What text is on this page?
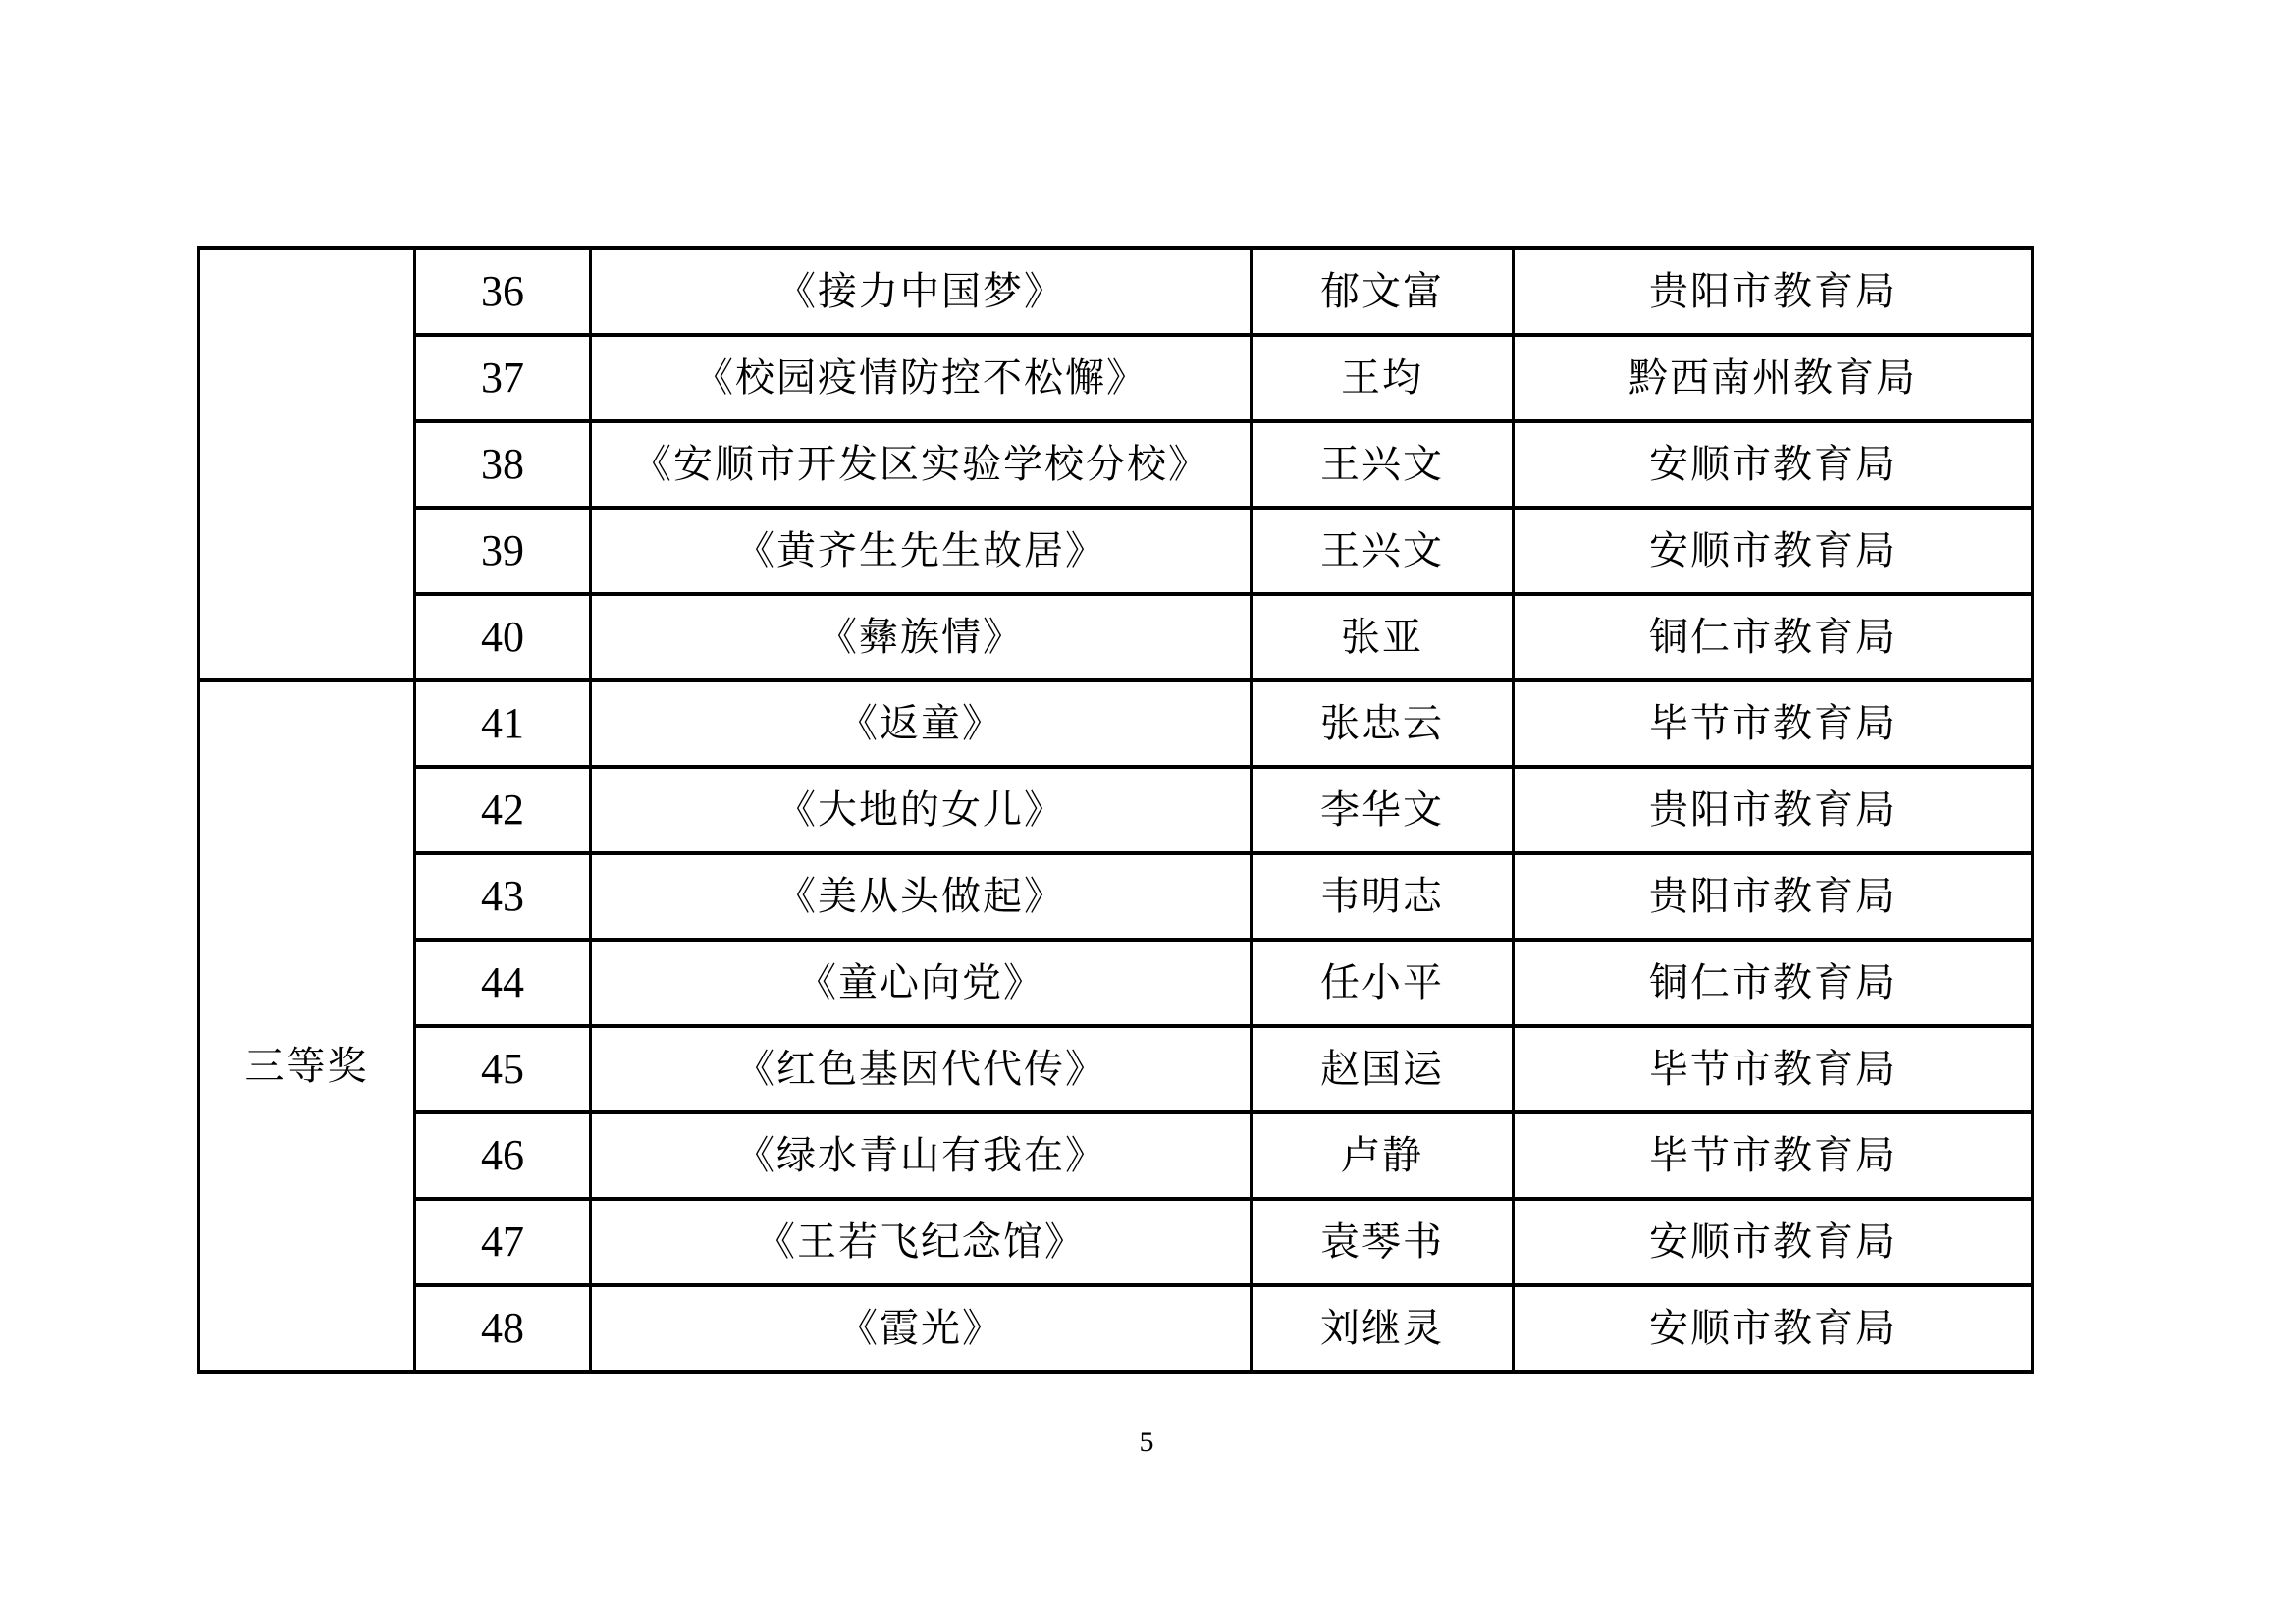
	36	《接力中国梦》	郁文富	贵阳市教育局
	37	《校园疫情防控不松懈》	王均	黔西南州教育局
	38	《安顺市开发区实验学校分校》	王兴文	安顺市教育局
	39	《黄齐生先生故居》	王兴文	安顺市教育局
	40	《彝族情》	张亚	铜仁市教育局
三等奖	41	《返童》	张忠云	毕节市教育局
	42	《大地的女儿》	李华文	贵阳市教育局
	43	《美从头做起》	韦明志	贵阳市教育局
	44	《童心向党》	任小平	铜仁市教育局
	45	《红色基因代代传》	赵国运	毕节市教育局
	46	《绿水青山有我在》	卢静	毕节市教育局
	47	《王若飞纪念馆》	袁琴书	安顺市教育局
	48	《霞光》	刘继灵	安顺市教育局
5
